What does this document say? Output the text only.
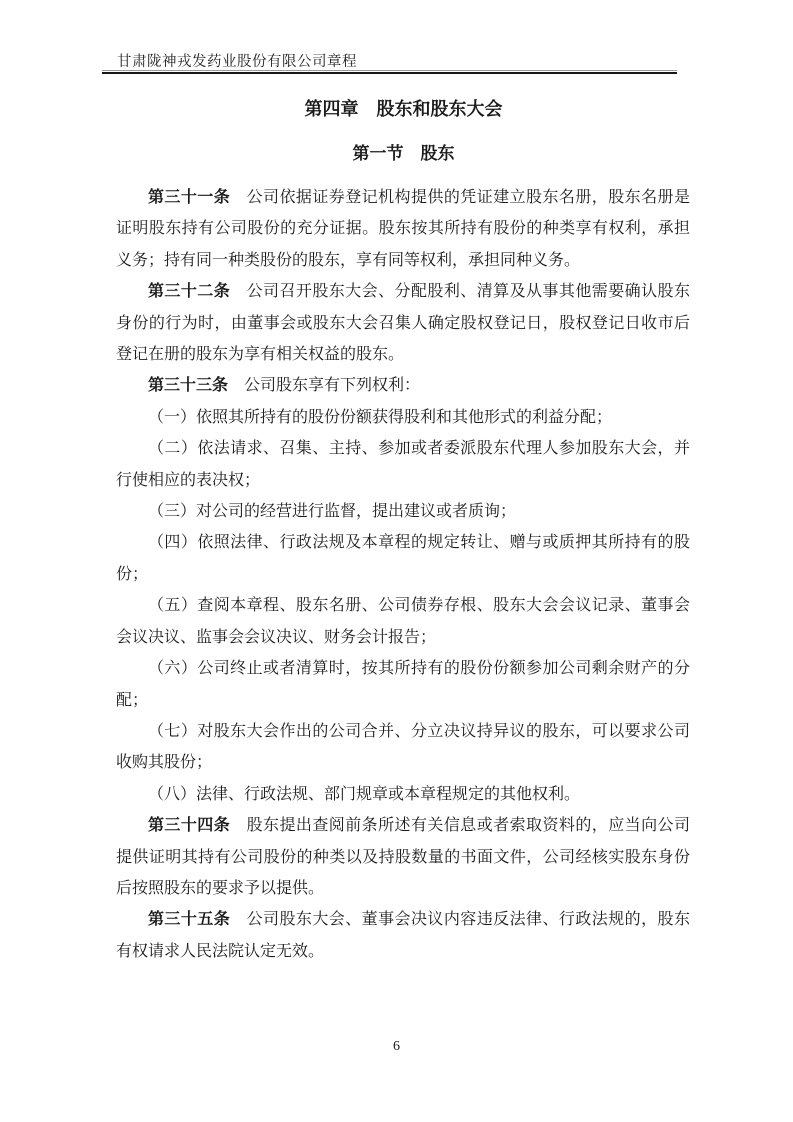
甘肃陇神戎发药业股份有限公司章程
第四章　股东和股东大会
第一节　股东

第三十一条　公司依据证券登记机构提供的凭证建立股东名册，股东名册是证明股东持有公司股份的充分证据。股东按其所持有股份的种类享有权利，承担义务；持有同一种类股份的股东，享有同等权利，承担同种义务。

第三十二条　公司召开股东大会、分配股利、清算及从事其他需要确认股东身份的行为时，由董事会或股东大会召集人确定股权登记日，股权登记日收市后登记在册的股东为享有相关权益的股东。

第三十三条　公司股东享有下列权利：

（一）依照其所持有的股份份额获得股利和其他形式的利益分配；

（二）依法请求、召集、主持、参加或者委派股东代理人参加股东大会，并行使相应的表决权；

（三）对公司的经营进行监督，提出建议或者质询；

（四）依照法律、行政法规及本章程的规定转让、赠与或质押其所持有的股份；

（五）查阅本章程、股东名册、公司债券存根、股东大会会议记录、董事会会议决议、监事会会议决议、财务会计报告；

（六）公司终止或者清算时，按其所持有的股份份额参加公司剩余财产的分配；

（七）对股东大会作出的公司合并、分立决议持异议的股东，可以要求公司收购其股份；

（八）法律、行政法规、部门规章或本章程规定的其他权利。

第三十四条　股东提出查阅前条所述有关信息或者索取资料的，应当向公司提供证明其持有公司股份的种类以及持股数量的书面文件，公司经核实股东身份后按照股东的要求予以提供。

第三十五条　公司股东大会、董事会决议内容违反法律、行政法规的，股东有权请求人民法院认定无效。

6
